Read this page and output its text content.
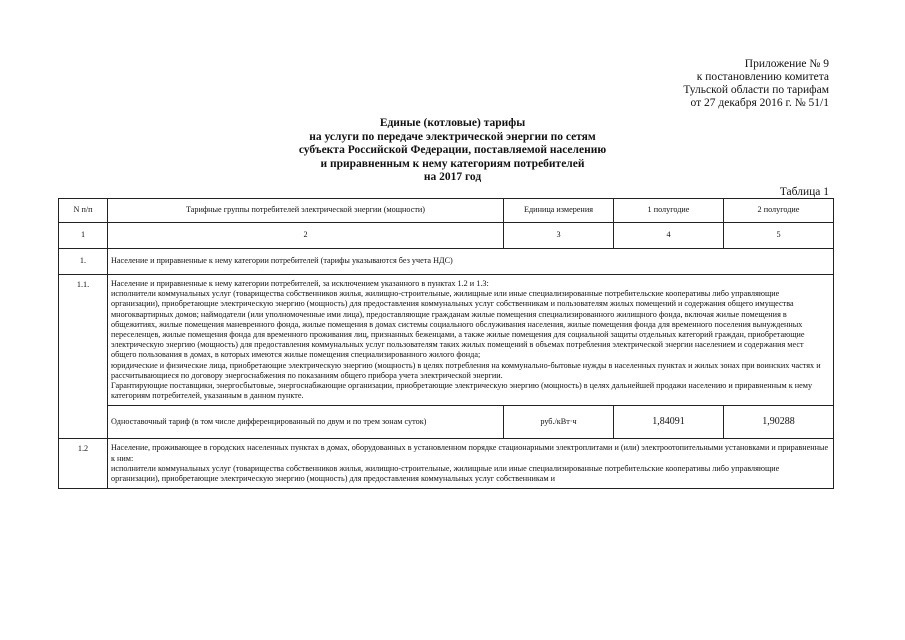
Приложение № 9
к постановлению комитета
Тульской области по тарифам
от 27 декабря 2016 г. № 51/1
Единые (котловые) тарифы
на услуги по передаче электрической энергии по сетям
субъекта Российской Федерации, поставляемой населению
и приравненным к нему категориям потребителей
на 2017 год
Таблица 1
N п/п	Тарифные группы потребителей электрической энергии (мощности)	Единица измерения	1 полугодие	2 полугодие
1	2	3	4	5
1.	Население и приравненные к нему категории потребителей (тарифы указываются без учета НДС)			
1.1.	Население и приравненные к нему категории потребителей, за исключением указанного в пунктах 1.2 и 1.3:
исполнители коммунальных услуг (товарищества собственников жилья, жилищно-строительные, жилищные или иные специализированные потребительские кооперативы либо управляющие организации), приобретающие электрическую энергию (мощность) для предоставления коммунальных услуг собственникам и пользователям жилых помещений и содержания общего имущества многоквартирных домов; наймодатели (или уполномоченные ими лица), предоставляющие гражданам жилые помещения специализированного жилищного фонда, включая жилые помещения в общежитиях, жилые помещения маневренного фонда, жилые помещения в домах системы социального обслуживания населения, жилые помещения фонда для временного поселения вынужденных переселенцев, жилые помещения фонда для временного проживания лиц, признанных беженцами, а также жилые помещения для социальной защиты отдельных категорий граждан, приобретающие электрическую энергию (мощность) для предоставления коммунальных услуг пользователям таких жилых помещений в объемах потребления электрической энергии населением и содержания мест общего пользования в домах, в которых имеются жилые помещения специализированного жилого фонда;
юридические и физические лица, приобретающие электрическую энергию (мощность) в целях потребления на коммунально-бытовые нужды в населенных пунктах и жилых зонах при воинских частях и рассчитывающиеся по договору энергоснабжения по показаниям общего прибора учета электрической энергии.
Гарантирующие поставщики, энергосбытовые, энергоснабжающие организации, приобретающие электрическую энергию (мощность) в целях дальнейшей продажи населению и приравненным к нему категориям потребителей, указанным в данном пункте.			

	Одноставочный тариф (в том числе дифференцированный по двум и по трем зонам суток)	руб./кВт·ч	1,84091	1,90288
1.2	Население, проживающее в городских населенных пунктах в домах, оборудованных в установленном порядке стационарными электроплитами и (или) электроотопительными установками и приравненные к ним:
исполнители коммунальных услуг (товарищества собственников жилья, жилищно-строительные, жилищные или иные специализированные потребительские кооперативы либо управляющие организации), приобретающие электрическую энергию (мощность) для предоставления коммунальных услуг собственникам и			
